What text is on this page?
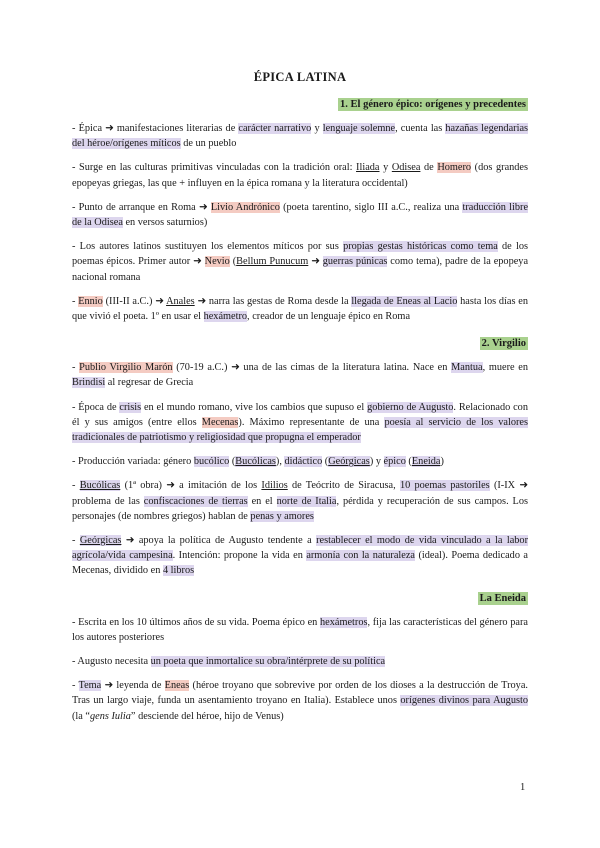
ÉPICA LATINA
1. El género épico: orígenes y precedentes

- Épica ➜ manifestaciones literarias de carácter narrativo y lenguaje solemne, cuenta las hazañas legendarias del héroe/orígenes míticos de un pueblo

- Surge en las culturas primitivas vinculadas con la tradición oral: Iliada y Odisea de Homero (dos grandes epopeyas griegas, las que + influyen en la épica romana y la literatura occidental)

- Punto de arranque en Roma ➜ Livio Andrónico (poeta tarentino, siglo III a.C., realiza una traducción libre de la Odisea en versos saturnios)

- Los autores latinos sustituyen los elementos míticos por sus propias gestas históricas como tema de los poemas épicos. Primer autor ➜ Nevio (Bellum Punucum ➜ guerras púnicas como tema), padre de la epopeya nacional romana

- Ennio (III-II a.C.) ➜ Anales ➜ narra las gestas de Roma desde la llegada de Eneas al Lacio hasta los días en que vivió el poeta. 1º en usar el hexámetro, creador de un lenguaje épico en Roma

2. Virgilio

- Publio Virgilio Marón (70-19 a.C.) ➜ una de las cimas de la literatura latina. Nace en Mantua, muere en Brindisi al regresar de Grecia

- Época de crisis en el mundo romano, vive los cambios que supuso el gobierno de Augusto. Relacionado con él y sus amigos (entre ellos Mecenas). Máximo representante de una poesía al servicio de los valores tradicionales de patriotismo y religiosidad que propugna el emperador

- Producción variada: género bucólico (Bucólicas), didáctico (Geórgicas) y épico (Eneida)

- Bucólicas (1ª obra) ➜ a imitación de los Idilios de Teócrito de Siracusa, 10 poemas pastoriles (I-IX ➜ problema de las confiscaciones de tierras en el norte de Italia, pérdida y recuperación de sus campos. Los personajes (de nombres griegos) hablan de penas y amores

- Geórgicas ➜ apoya la política de Augusto tendente a restablecer el modo de vida vinculado a la labor agrícola/vida campesina. Intención: propone la vida en armonía con la naturaleza (ideal). Poema dedicado a Mecenas, dividido en 4 libros

La Eneida

- Escrita en los 10 últimos años de su vida. Poema épico en hexámetros, fija las características del género para los autores posteriores

- Augusto necesita un poeta que inmortalice su obra/intérprete de su política

- Tema ➜ leyenda de Eneas (héroe troyano que sobrevive por orden de los dioses a la destrucción de Troya. Tras un largo viaje, funda un asentamiento troyano en Italia). Establece unos orígenes divinos para Augusto (la “gens Iulia” desciende del héroe, hijo de Venus)

1
